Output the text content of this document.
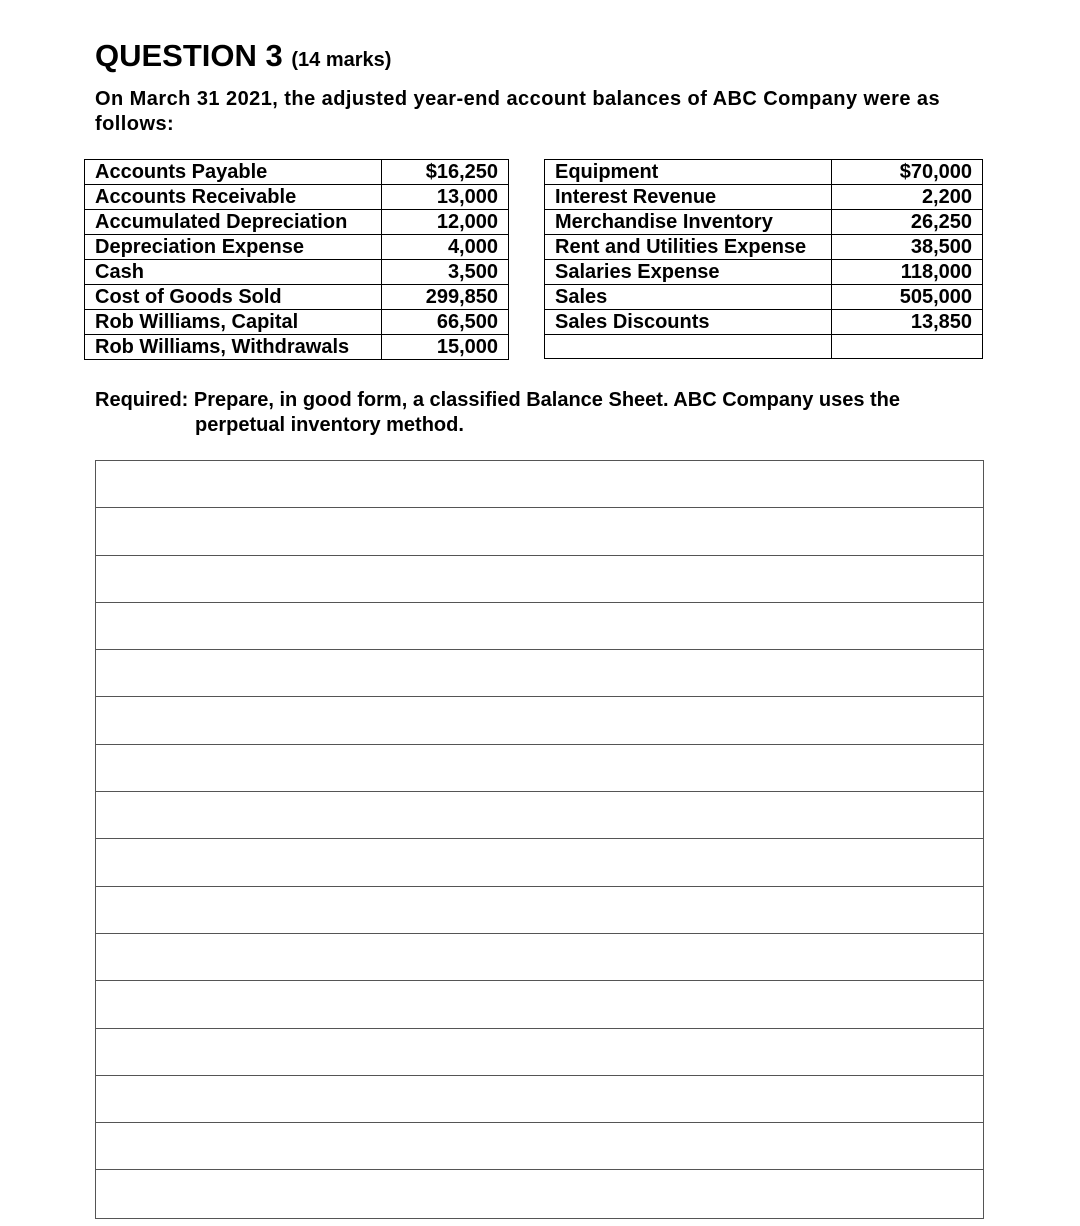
QUESTION 3 (14 marks)
On March 31 2021, the adjusted year-end account balances of ABC Company were as follows:
Accounts Payable	$16,250
Accounts Receivable	13,000
Accumulated Depreciation	12,000
Depreciation Expense	4,000
Cash	3,500
Cost of Goods Sold	299,850
Rob Williams, Capital	66,500
Rob Williams, Withdrawals	15,000
Equipment	$70,000
Interest Revenue	2,200
Merchandise Inventory	26,250
Rent and Utilities Expense	38,500
Salaries Expense	118,000
Sales	505,000
Sales Discounts	13,850

Required: Prepare, in good form, a classified Balance Sheet. ABC Company uses the
perpetual inventory method.
